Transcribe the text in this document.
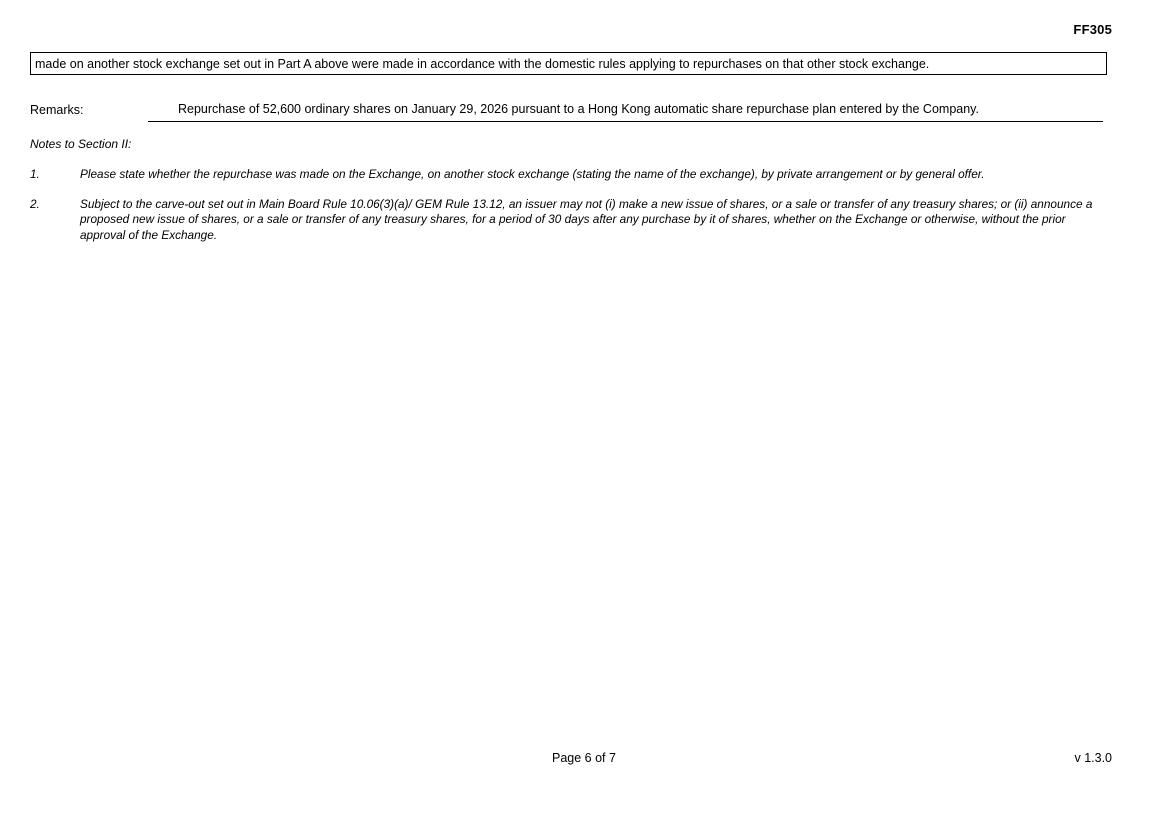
FF305
made on another stock exchange set out in Part A above were made in accordance with the domestic rules applying to repurchases on that other stock exchange.
Remarks:	Repurchase of 52,600 ordinary shares on January 29, 2026 pursuant to a Hong Kong automatic share repurchase plan entered by the Company.
Notes to Section II:
1.	Please state whether the repurchase was made on the Exchange, on another stock exchange (stating the name of the exchange), by private arrangement or by general offer.
2.	Subject to the carve-out set out in Main Board Rule 10.06(3)(a)/ GEM Rule 13.12, an issuer may not (i) make a new issue of shares, or a sale or transfer of any treasury shares; or (ii) announce a proposed new issue of shares, or a sale or transfer of any treasury shares, for a period of 30 days after any purchase by it of shares, whether on the Exchange or otherwise, without the prior approval of the Exchange.
Page 6 of 7	v 1.3.0
